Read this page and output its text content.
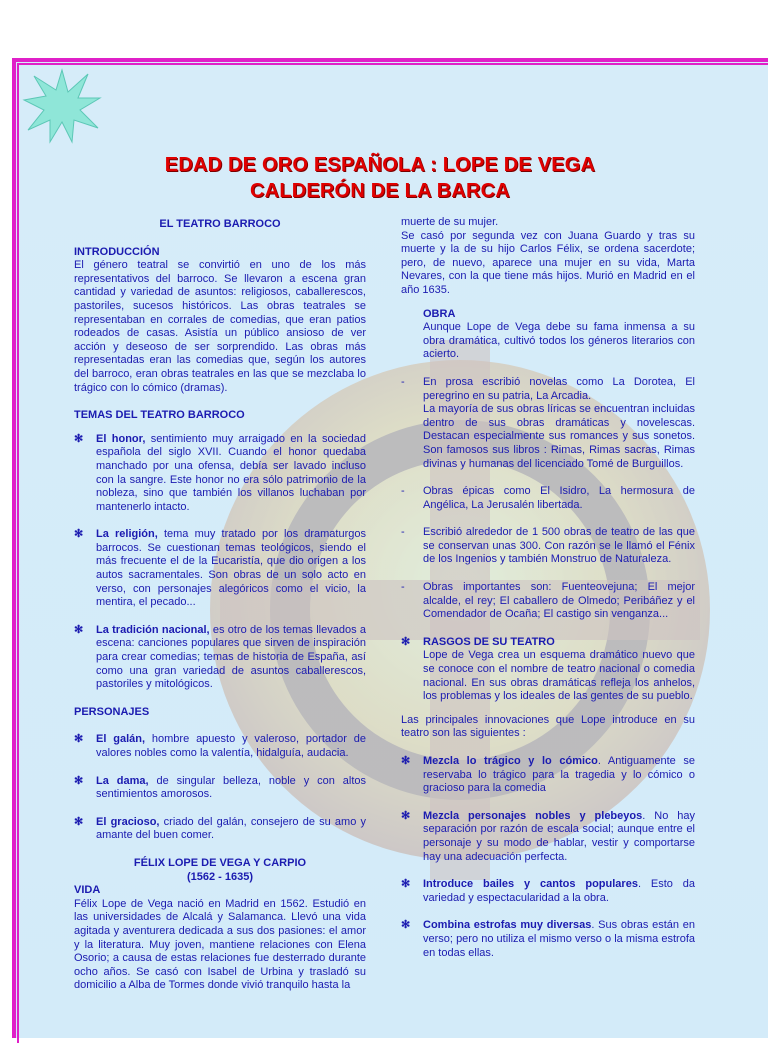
EDAD DE ORO ESPAÑOLA : LOPE DE VEGA
CALDERÓN DE LA BARCA

EL TEATRO BARROCO

INTRODUCCIÓN

El género teatral se convirtió en uno de los más representativos del barroco. Se llevaron a escena gran cantidad y variedad de asuntos: religiosos, caballerescos, pastoriles, sucesos históricos. Las obras teatrales se representaban en corrales de comedias, que eran patios rodeados de casas. Asistía un público ansioso de ver acción y deseoso de ser sorprendido. Las obras más representadas eran las comedias que, según los autores del barroco, eran obras teatrales en las que se mezclaba lo trágico con lo cómico (dramas).

TEMAS DEL TEATRO BARROCO

✻ El honor, sentimiento muy arraigado en la sociedad española del siglo XVII. Cuando el honor quedaba manchado por una ofensa, debía ser lavado incluso con la sangre. Este honor no era sólo patrimonio de la nobleza, sino que también los villanos luchaban por mantenerlo intacto.
✻ La religión, tema muy tratado por los dramaturgos barrocos. Se cuestionan temas teológicos, siendo el más frecuente el de la Eucaristía, que dio origen a los autos sacramentales. Son obras de un solo acto en verso, con personajes alegóricos como el vicio, la mentira, el pecado...
✻ La tradición nacional, es otro de los temas llevados a escena: canciones populares que sirven de inspiración para crear comedias; temas de historia de España, así como una gran variedad de asuntos caballerescos, pastoriles y mitológicos.

PERSONAJES

✻ El galán, hombre apuesto y valeroso, portador de valores nobles como la valentía, hidalguía, audacia.
✻ La dama, de singular belleza, noble y con altos sentimientos amorosos.
✻ El gracioso, criado del galán, consejero de su amo y amante del buen comer.

FÉLIX LOPE DE VEGA Y CARPIO

(1562 - 1635)

VIDA

Félix Lope de Vega nació en Madrid en 1562. Estudió en las universidades de Alcalá y Salamanca. Llevó una vida agitada y aventurera dedicada a sus dos pasiones: el amor y la literatura. Muy joven, mantiene relaciones con Elena Osorio; a causa de estas relaciones fue desterrado durante ocho años. Se casó con Isabel de Urbina y trasladó su domicilio a Alba de Tormes donde vivió tranquilo hasta la

muerte de su mujer.
Se casó por segunda vez con Juana Guardo y tras su muerte y la de su hijo Carlos Félix, se ordena sacerdote; pero, de nuevo, aparece una mujer en su vida, Marta Nevares, con la que tiene más hijos. Murió en Madrid en el año 1635.

OBRA

Aunque Lope de Vega debe su fama inmensa a su obra dramática, cultivó todos los géneros literarios con acierto.

- En prosa escribió novelas como La Dorotea, El peregrino en su patria, La Arcadia.
La mayoría de sus obras líricas se encuentran incluidas dentro de sus obras dramáticas y novelescas. Destacan especialmente sus romances y sus sonetos. Son famosos sus libros : Rimas, Rimas sacras, Rimas divinas y humanas del licenciado Tomé de Burguillos.
- Obras épicas como El Isidro, La hermosura de Angélica, La Jerusalén libertada.
- Escribió alrededor de 1 500 obras de teatro de las que se conservan unas 300. Con razón se le llamó el Fénix de los Ingenios y también Monstruo de Naturaleza.
- Obras importantes son: Fuenteovejuna; El mejor alcalde, el rey; El caballero de Olmedo; Peribáñez y el Comendador de Ocaña; El castigo sin venganza...
✻ RASGOS DE SU TEATRO

Lope de Vega crea un esquema dramático nuevo que se conoce con el nombre de teatro nacional o comedia nacional. En sus obras dramáticas refleja los anhelos, los problemas y los ideales de las gentes de su pueblo.

Las principales innovaciones que Lope introduce en su teatro son las siguientes :

✻ Mezcla lo trágico y lo cómico. Antiguamente se reservaba lo trágico para la tragedia y lo cómico o gracioso para la comedia
✻ Mezcla personajes nobles y plebeyos. No hay separación por razón de escala social; aunque entre el personaje y su modo de hablar, vestir y comportarse hay una adecuación perfecta.
✻ Introduce bailes y cantos populares. Esto da variedad y espectacularidad a la obra.
✻ Combina estrofas muy diversas. Sus obras están en verso; pero no utiliza el mismo verso o la misma estrofa en todas ellas.
